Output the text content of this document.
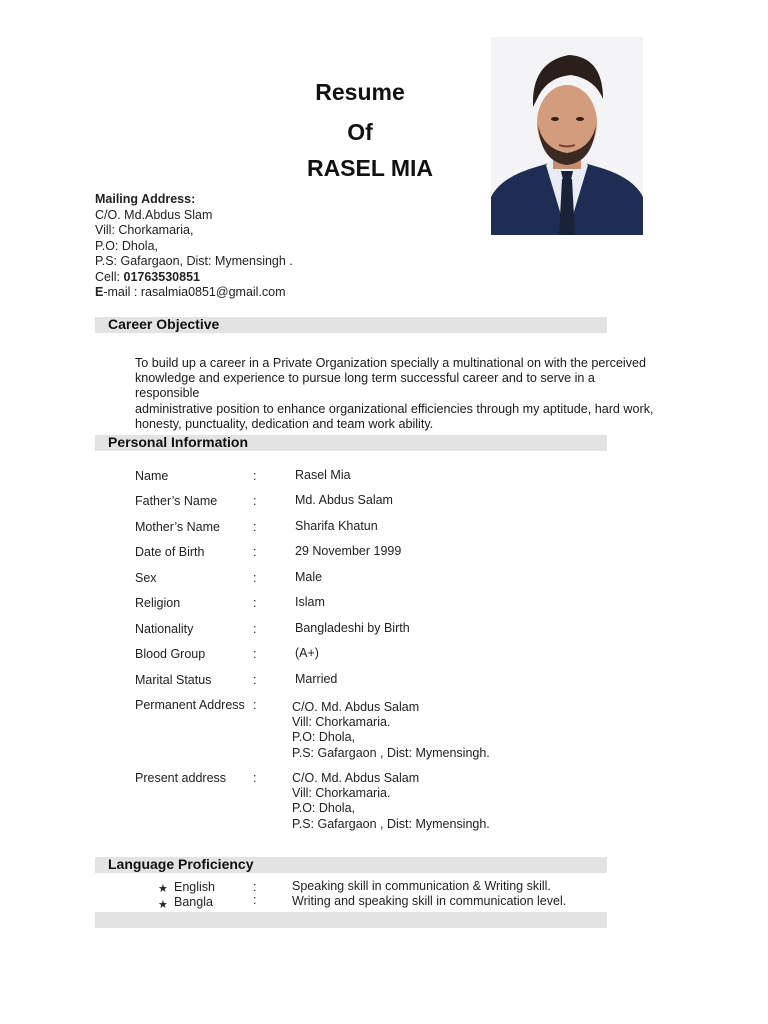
Resume
Of
RASEL MIA
Mailing Address:
C/O. Md.Abdus Slam
Vill: Chorkamaria,
P.O: Dhola,
P.S: Gafargaon, Dist: Mymensingh .
Cell: 01763530851
E-mail : rasalmia0851@gmail.com
Career Objective
To build up a career in a Private Organization specially a multinational on with the perceived
knowledge and experience to pursue long term successful career and to serve in a responsible
administrative position to enhance organizational efficiencies through my aptitude, hard work,
honesty, punctuality, dedication and team work ability.
Personal Information
Name	:	Rasel Mia
Father’s Name	:	Md. Abdus Salam
Mother’s Name	:	Sharifa Khatun
Date of Birth	:	29 November 1999
Sex	:	Male
Religion	:	Islam
Nationality	:	Bangladeshi by Birth
Blood Group	:	(A+)
Marital Status	:	Married
Permanent Address :	C/O. Md. Abdus Salam
Vill: Chorkamaria.
P.O: Dhola,
P.S: Gafargaon , Dist: Mymensingh.
Present address :	C/O. Md. Abdus Salam
Vill: Chorkamaria.
P.O: Dhola,
P.S: Gafargaon , Dist: Mymensingh.
Language Proficiency
★ English	:	Speaking skill in communication & Writing skill.
★ Bangla	:	Writing and speaking skill in communication level.
